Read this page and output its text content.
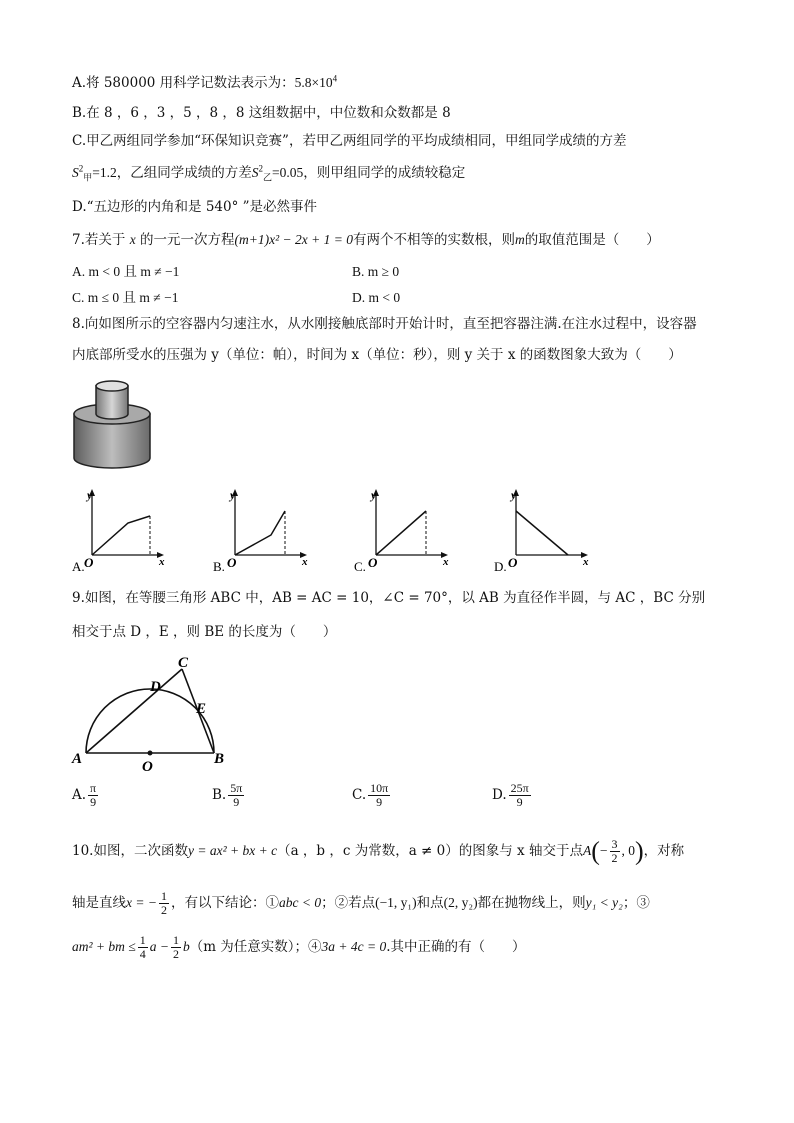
A.将 580000 用科学记数法表示为：$5.8\times 10^4$
B.在 8 ，6 ，3 ，5 ，8 ，8 这组数据中，中位数和众数都是 8
C.甲乙两组同学参加“环保知识竞赛”，若甲乙两组同学的平均成绩相同，甲组同学成绩的方差
$S^2_甲=1.2$，乙组同学成绩的方差$S^2_乙=0.05$，则甲组同学的成绩较稳定
D.“五边形的内角和是 540° ”是必然事件
7.若关于 x 的一元一次方程(m+1)x² − 2x + 1 = 0有两个不相等的实数根，则m的取值范围是（　　）
A. m < 0 且 m ≠ −1	B. m ≥ 0
C. m ≤ 0 且 m ≠ −1	D. m < 0
8.向如图所示的空容器内匀速注水，从水刚接触底部时开始计时，直至把容器注满.在注水过程中，设容器
内底部所受水的压强为 y（单位：帕），时间为 x（单位：秒），则 y 关于 x 的函数图象大致为（　　）
y
x
O
A.
y
x
O
B.
y
x
O
C.
y
x
O
D.
9.如图，在等腰三角形 ABC 中，AB = AC = 10，∠C = 70°，以 AB 为直径作半圆，与 AC ，BC 分别
相交于点 D ，E ，则 BE 的长度为（　　）
A	B
C
D
E
O
A. $\frac{\pi}{9}$	B. $\frac{5\pi}{9}$	C. $\frac{10\pi}{9}$	D. $\frac{25\pi}{9}$
10.如图，二次函数y = ax² + bx + c（a ，b ，c 为常数，a ≠ 0）的图象与 x 轴交于点$A(- \frac{3}{2}$ , 0)，对称
轴是直线x = − $\frac{1}{2}$ ，有以下结论：①abc < 0；②若点(−1, y₁)和点(2, y₂)都在抛物线上，则y₁ < y₂；③
am² + bm ≤ $\frac{1}{4}$ $a - \frac{1}{2} b(m$ 为任意实数）；④3a + 4c = 0.其中正确的有（　　）
